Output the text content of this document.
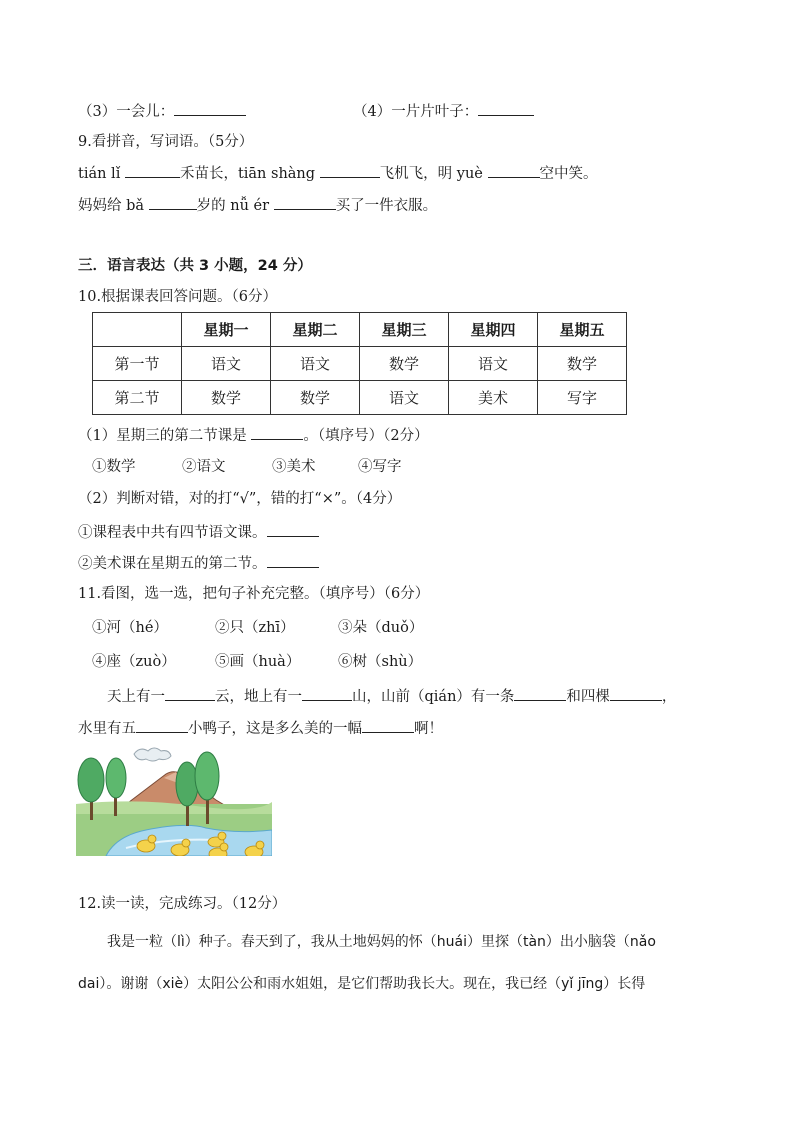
（3）一会儿：	（4）一片片叶子：
9.看拼音，写词语。（5分）
tián lǐ	禾苗长，tiān shàng	飞机飞，明 yuè	空中笑。
妈妈给 bǎ	岁的 nǚ ér	买了一件衣服。
三．语言表达（共 3 小题，24 分）
10.根据课表回答问题。（6分）
	星期一	星期二	星期三	星期四	星期五
第一节	语文	语文	数学	语文	数学
第二节	数学	数学	语文	美术	写字
（1）星期三的第二节课是	。（填序号）（2分）
①数学	②语文	③美术	④写字
（2）判断对错，对的打“√”，错的打“×”。（4分）
①课程表中共有四节语文课。
②美术课在星期五的第二节。
11.看图，选一选，把句子补充完整。（填序号）（6分）
①河（hé）	②只（zhī）	③朵（duǒ）
④座（zuò）	⑤画（huà）	⑥树（shù）
天上有一	云，地上有一	山，山前（qián）有一条	和四棵	，
水里有五	小鸭子，这是多么美的一幅	啊！
12.读一读，完成练习。（12分）
我是一粒（lì）种子。春天到了，我从土地妈妈的怀（huái）里探（tàn）出小脑袋（nǎo
dai）。谢谢（xiè）太阳公公和雨水姐姐，是它们帮助我长大。现在，我已经（yǐ jīng）长得
